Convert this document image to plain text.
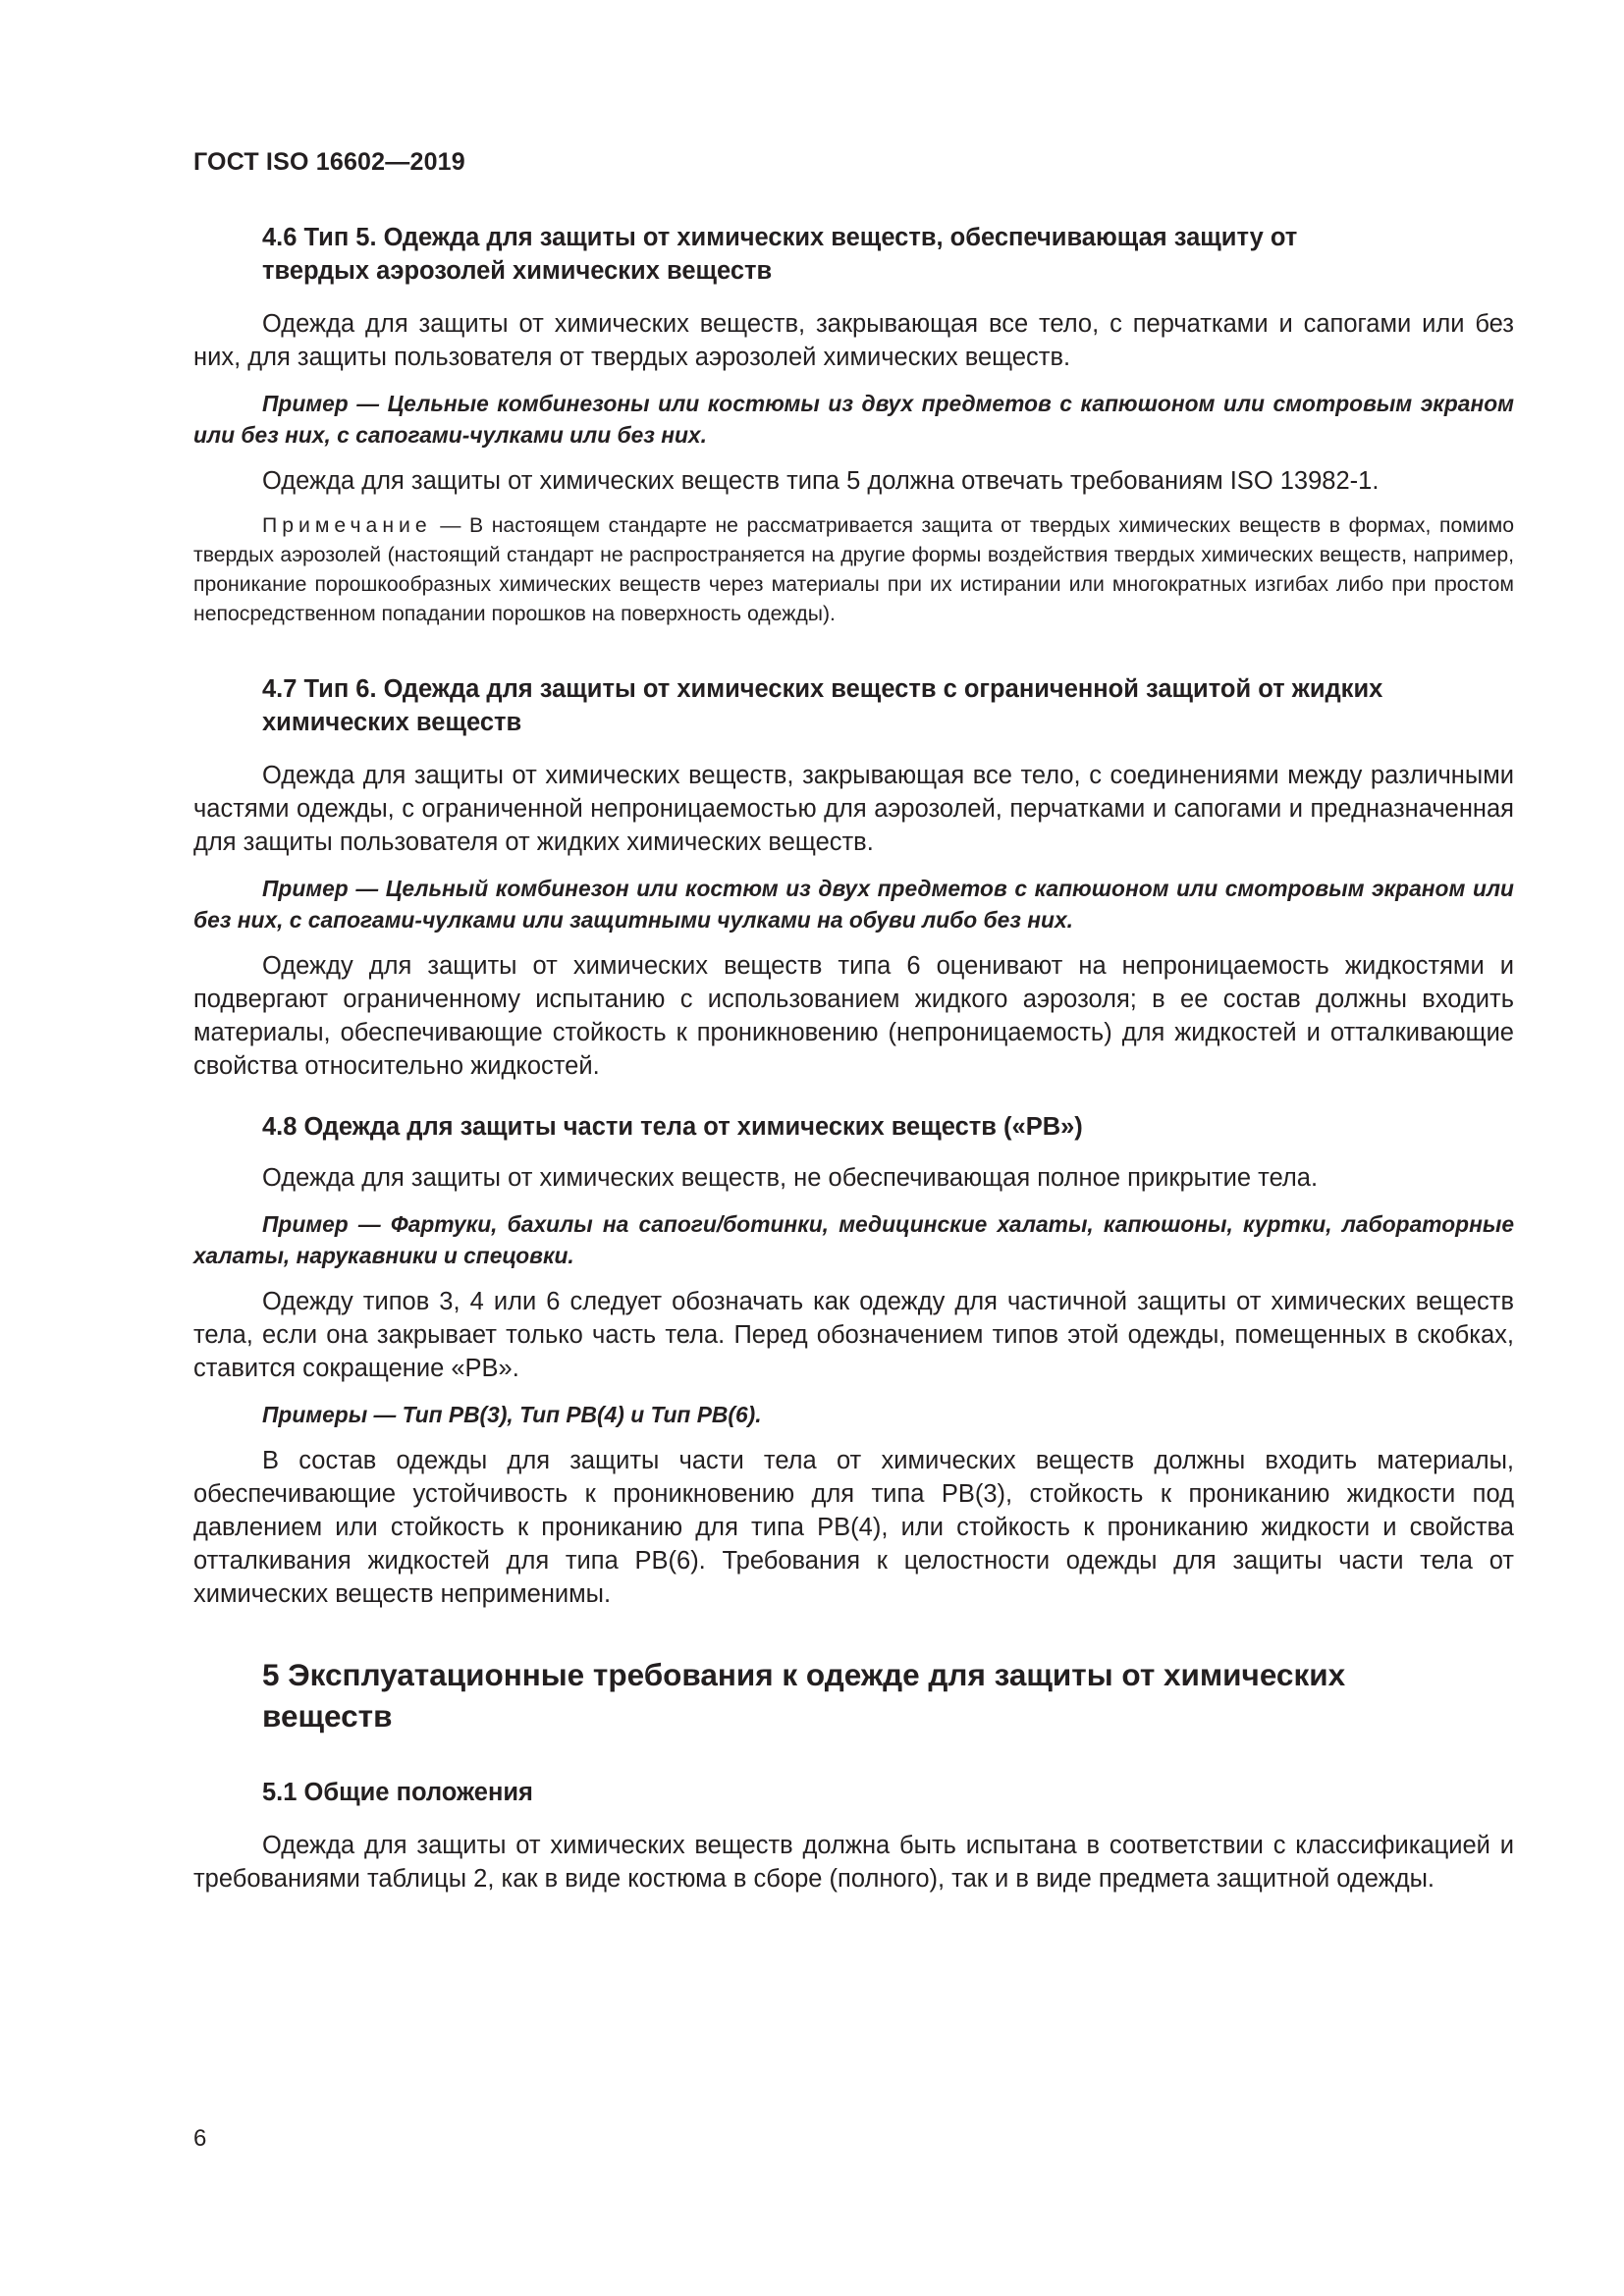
ГОСТ ISO 16602—2019
4.6 Тип 5. Одежда для защиты от химических веществ, обеспечивающая защиту от твердых аэрозолей химических веществ

Одежда для защиты от химических веществ, закрывающая все тело, с перчатками и сапогами или без них, для защиты пользователя от твердых аэрозолей химических веществ.

Пример — Цельные комбинезоны или костюмы из двух предметов с капюшоном или смотровым экраном или без них, с сапогами-чулками или без них.

Одежда для защиты от химических веществ типа 5 должна отвечать требованиям ISO 13982-1.

Примечание — В настоящем стандарте не рассматривается защита от твердых химических веществ в формах, помимо твердых аэрозолей (настоящий стандарт не распространяется на другие формы воздействия твердых химических веществ, например, проникание порошкообразных химических веществ через материалы при их истирании или многократных изгибах либо при простом непосредственном попадании порошков на поверхность одежды).

4.7 Тип 6. Одежда для защиты от химических веществ с ограниченной защитой от жидких химических веществ

Одежда для защиты от химических веществ, закрывающая все тело, с соединениями между различными частями одежды, с ограниченной непроницаемостью для аэрозолей, перчатками и сапогами и предназначенная для защиты пользователя от жидких химических веществ.

Пример — Цельный комбинезон или костюм из двух предметов с капюшоном или смотровым экраном или без них, с сапогами-чулками или защитными чулками на обуви либо без них.

Одежду для защиты от химических веществ типа 6 оценивают на непроницаемость жидкостями и подвергают ограниченному испытанию с использованием жидкого аэрозоля; в ее состав должны входить материалы, обеспечивающие стойкость к проникновению (непроницаемость) для жидкостей и отталкивающие свойства относительно жидкостей.

4.8 Одежда для защиты части тела от химических веществ («PB»)

Одежда для защиты от химических веществ, не обеспечивающая полное прикрытие тела.

Пример — Фартуки, бахилы на сапоги/ботинки, медицинские халаты, капюшоны, куртки, лабораторные халаты, нарукавники и спецовки.

Одежду типов 3, 4 или 6 следует обозначать как одежду для частичной защиты от химических веществ тела, если она закрывает только часть тела. Перед обозначением типов этой одежды, помещенных в скобках, ставится сокращение «PB».

Примеры — Тип PB(3), Тип PB(4) и Тип PB(6).

В состав одежды для защиты части тела от химических веществ должны входить материалы, обеспечивающие устойчивость к проникновению для типа PB(3), стойкость к прониканию жидкости под давлением или стойкость к прониканию для типа PB(4), или стойкость к прониканию жидкости и свойства отталкивания жидкостей для типа PB(6). Требования к целостности одежды для защиты части тела от химических веществ неприменимы.

5 Эксплуатационные требования к одежде для защиты от химических веществ
5.1 Общие положения

Одежда для защиты от химических веществ должна быть испытана в соответствии с классификацией и требованиями таблицы 2, как в виде костюма в сборе (полного), так и в виде предмета защитной одежды.

6
